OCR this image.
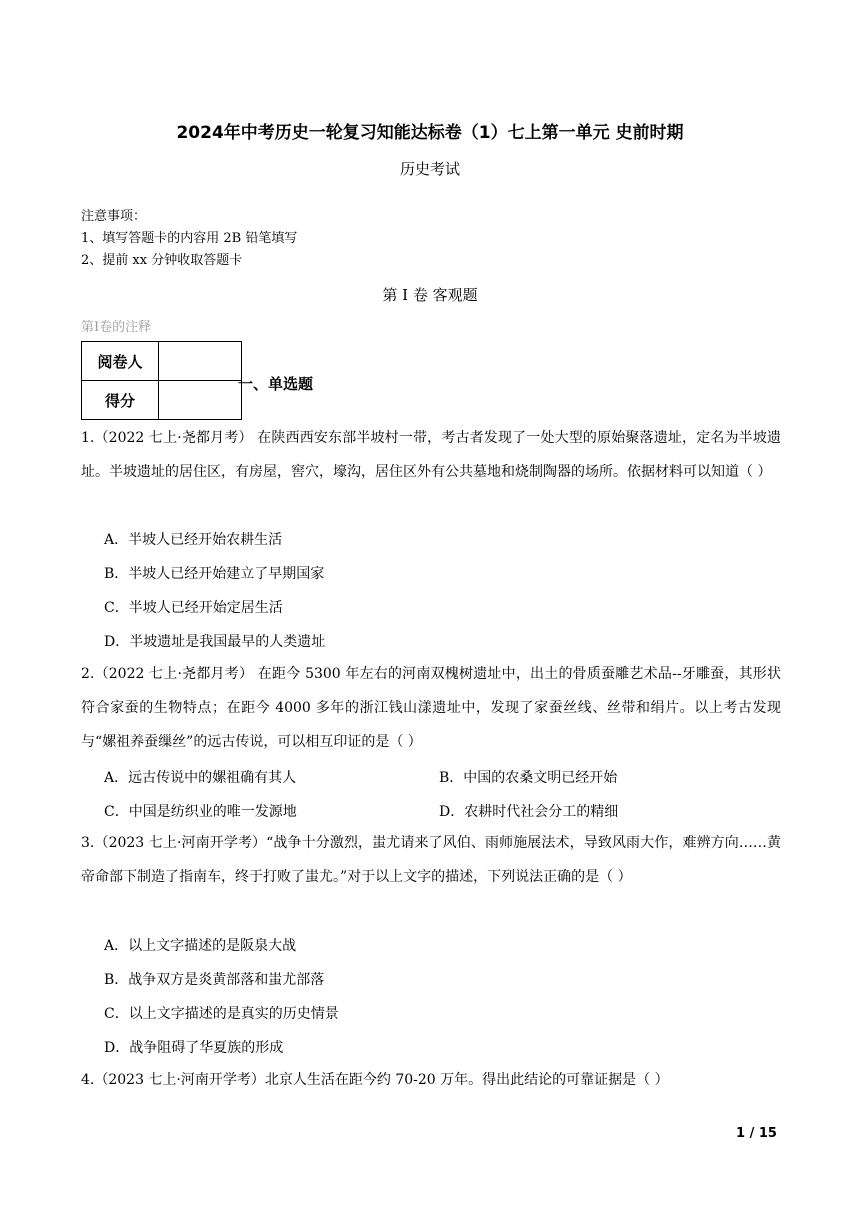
2024年中考历史一轮复习知能达标卷（1）七上第一单元 史前时期
历史考试
注意事项：
1、填写答题卡的内容用 2B 铅笔填写
2、提前 xx 分钟收取答题卡
第 Ⅰ 卷 客观题
第Ⅰ卷的注释
阅卷人	
得分	
一、单选题
1.（2022 七上·尧都月考） 在陕西西安东部半坡村一带，考古者发现了一处大型的原始聚落遗址，定名为半坡遗址。半坡遗址的居住区，有房屋，窖穴，壕沟，居住区外有公共墓地和烧制陶器的场所。依据材料可以知道（ ）
A．半坡人已经开始农耕生活
B．半坡人已经开始建立了早期国家
C．半坡人已经开始定居生活
D．半坡遗址是我国最早的人类遗址
2.（2022 七上·尧都月考） 在距今 5300 年左右的河南双槐树遗址中，出土的骨质蚕雕艺术品--牙雕蚕，其形状符合家蚕的生物特点；在距今 4000 多年的浙江钱山漾遗址中，发现了家蚕丝线、丝带和绢片。以上考古发现与“嫘祖养蚕缫丝”的远古传说，可以相互印证的是（ ）
A．远古传说中的嫘祖确有其人	B．中国的农桑文明已经开始
C．中国是纺织业的唯一发源地	D．农耕时代社会分工的精细
3.（2023 七上·河南开学考）“战争十分激烈，蚩尤请来了风伯、雨师施展法术，导致风雨大作，难辨方向……黄帝命部下制造了指南车，终于打败了蚩尤。”对于以上文字的描述，下列说法正确的是（ ）
A．以上文字描述的是阪泉大战
B．战争双方是炎黄部落和蚩尤部落
C．以上文字描述的是真实的历史情景
D．战争阻碍了华夏族的形成
4.（2023 七上·河南开学考）北京人生活在距今约 70-20 万年。得出此结论的可靠证据是（ ）
1 / 15
